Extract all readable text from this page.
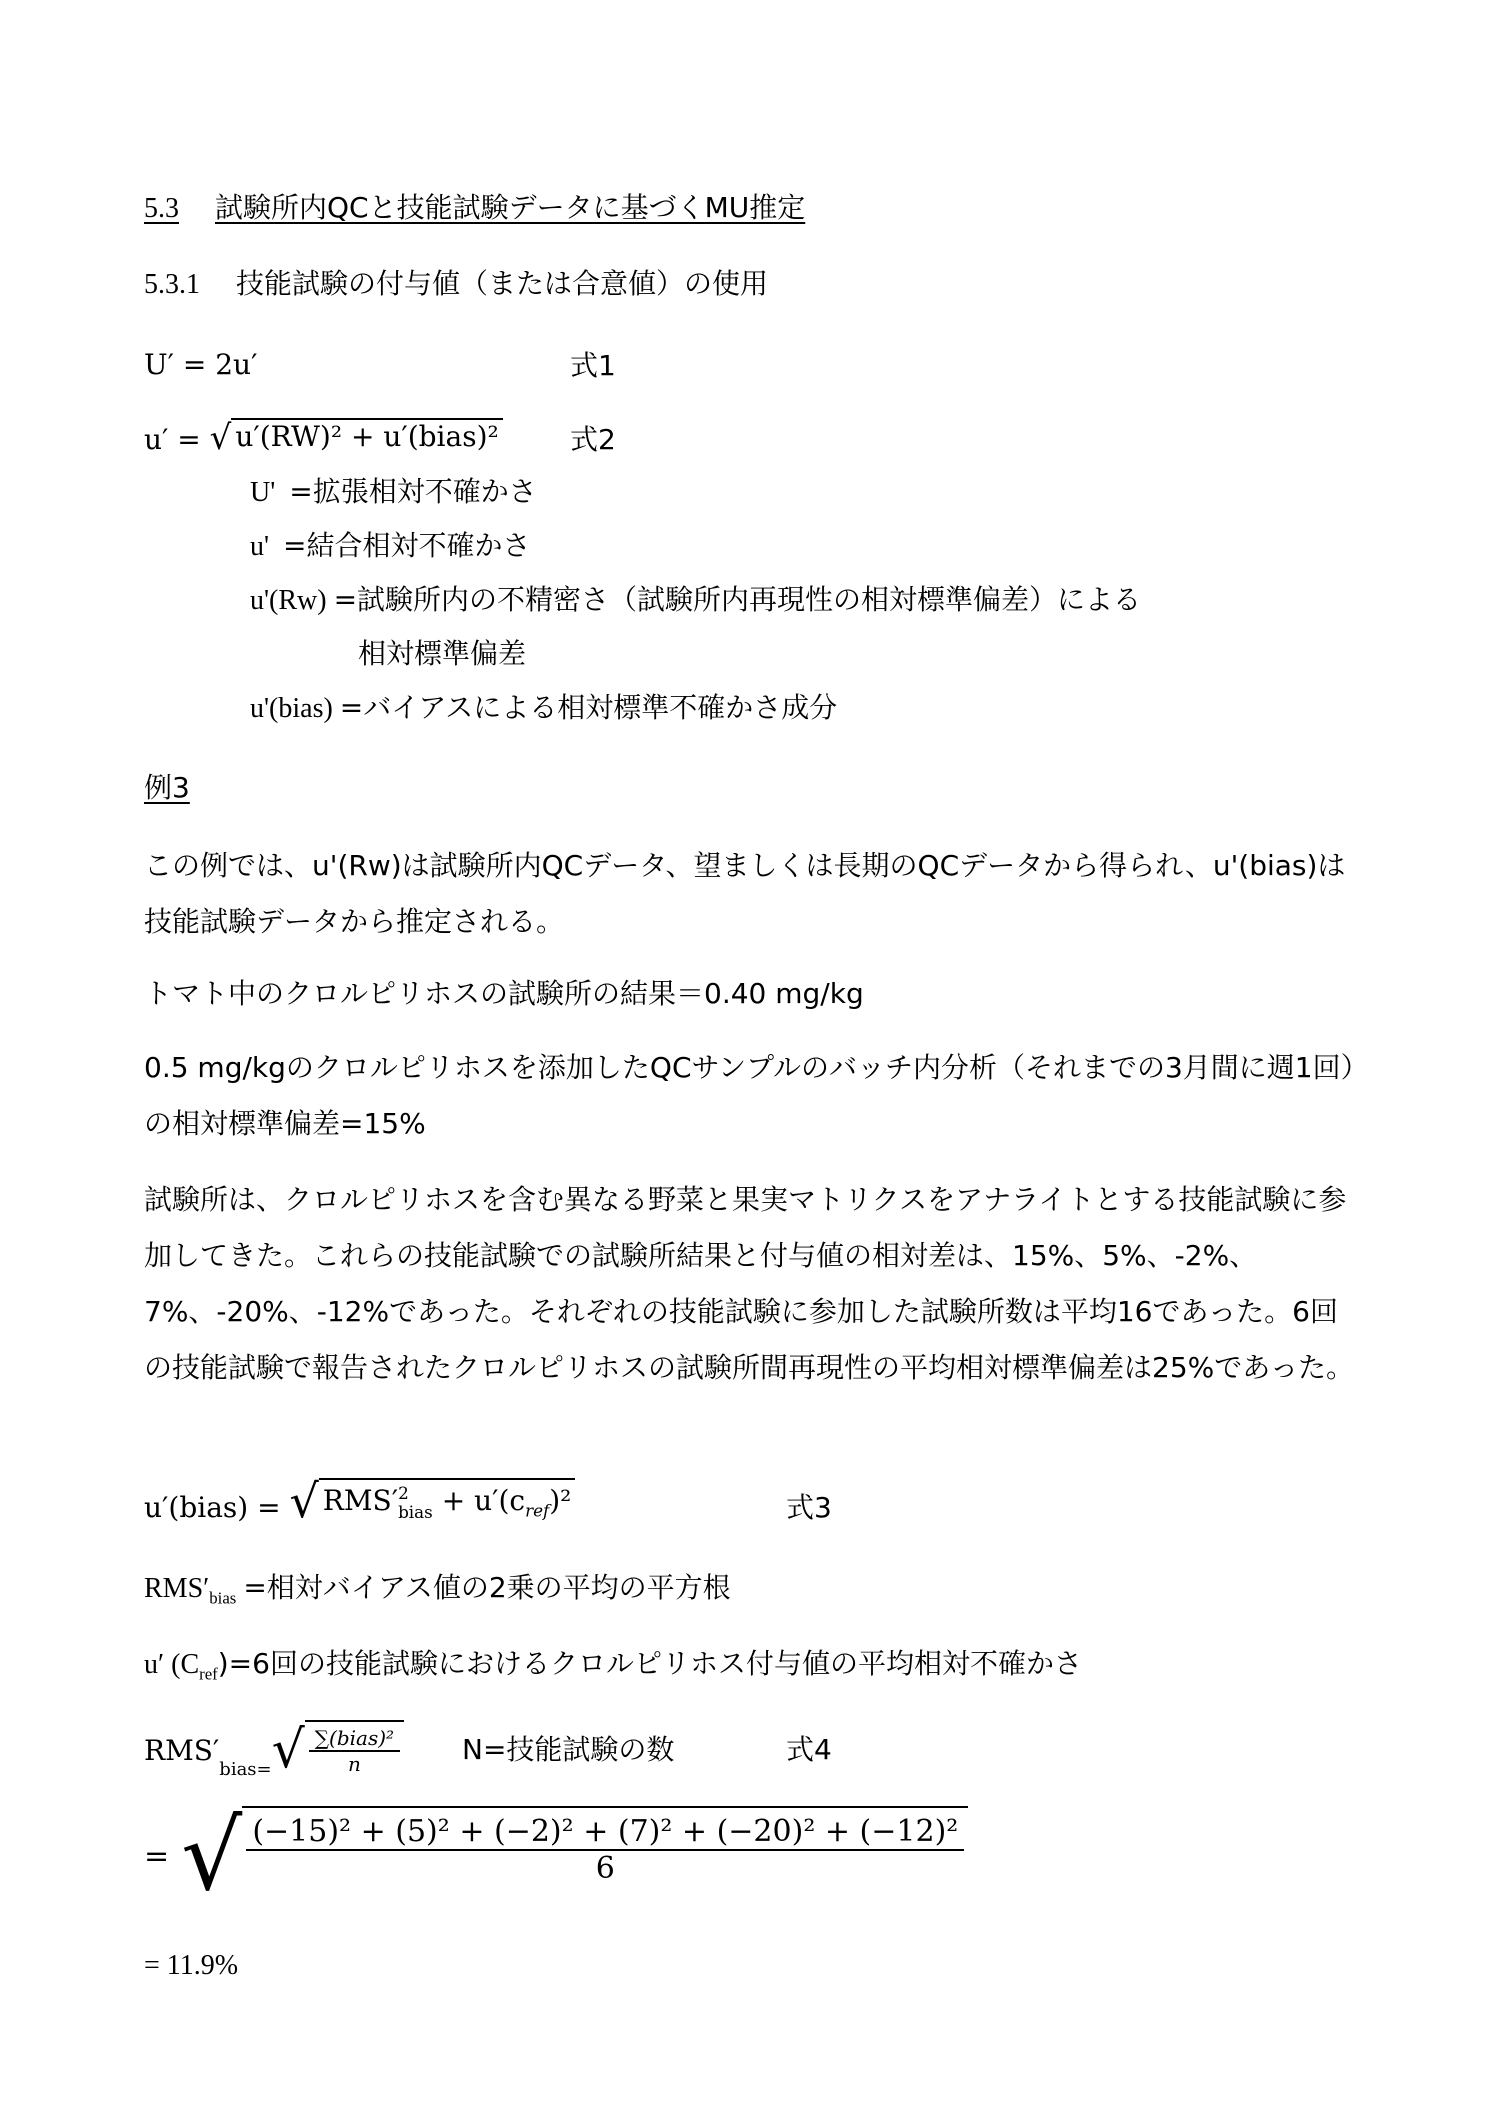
5.3 試験所内QCと技能試験データに基づくMU推定
5.3.1 技能試験の付与値（または合意値）の使用
U′ = 2u′	式1
u′ = √ u′(RW)² + u′(bias)²	式2
U' =拡張相対不確かさ
u' =結合相対不確かさ
u'(Rw) =試験所内の不精密さ（試験所内再現性の相対標準偏差）による
相対標準偏差
u'(bias) =バイアスによる相対標準不確かさ成分
例3
この例では、u'(Rw)は試験所内QCデータ、望ましくは長期のQCデータから得られ、u'(bias)は技能試験データから推定される。
トマト中のクロルピリホスの試験所の結果＝0.40 mg/kg
0.5 mg/kgのクロルピリホスを添加したQCサンプルのバッチ内分析（それまでの3月間に週1回）の相対標準偏差=15%
試験所は、クロルピリホスを含む異なる野菜と果実マトリクスをアナライトとする技能試験に参加してきた。これらの技能試験での試験所結果と付与値の相対差は、15%、5%、-2%、7%、-20%、-12%であった。それぞれの技能試験に参加した試験所数は平均16であった。6回の技能試験で報告されたクロルピリホスの試験所間再現性の平均相対標準偏差は25%であった。
u′(bias) = √ RMS′ 2
bias + $u'(c_{ref})^2$	式3
$RMS'_{bias}$ =相対バイアス値の2乗の平均の平方根
u′ $(C_{ref})=6$回の技能試験におけるクロルピリホス付与値の平均相対不確かさ
RMS′
$_{bias=}$ √ $\frac{\text{∑(bias)²}}{n} N=$技能試験の数	式4
= √ $\frac{\text{(−15)² + (5)² + (−2)² + (7)² + (−20)² + (−12)²}}{6}$
= 11.9%
